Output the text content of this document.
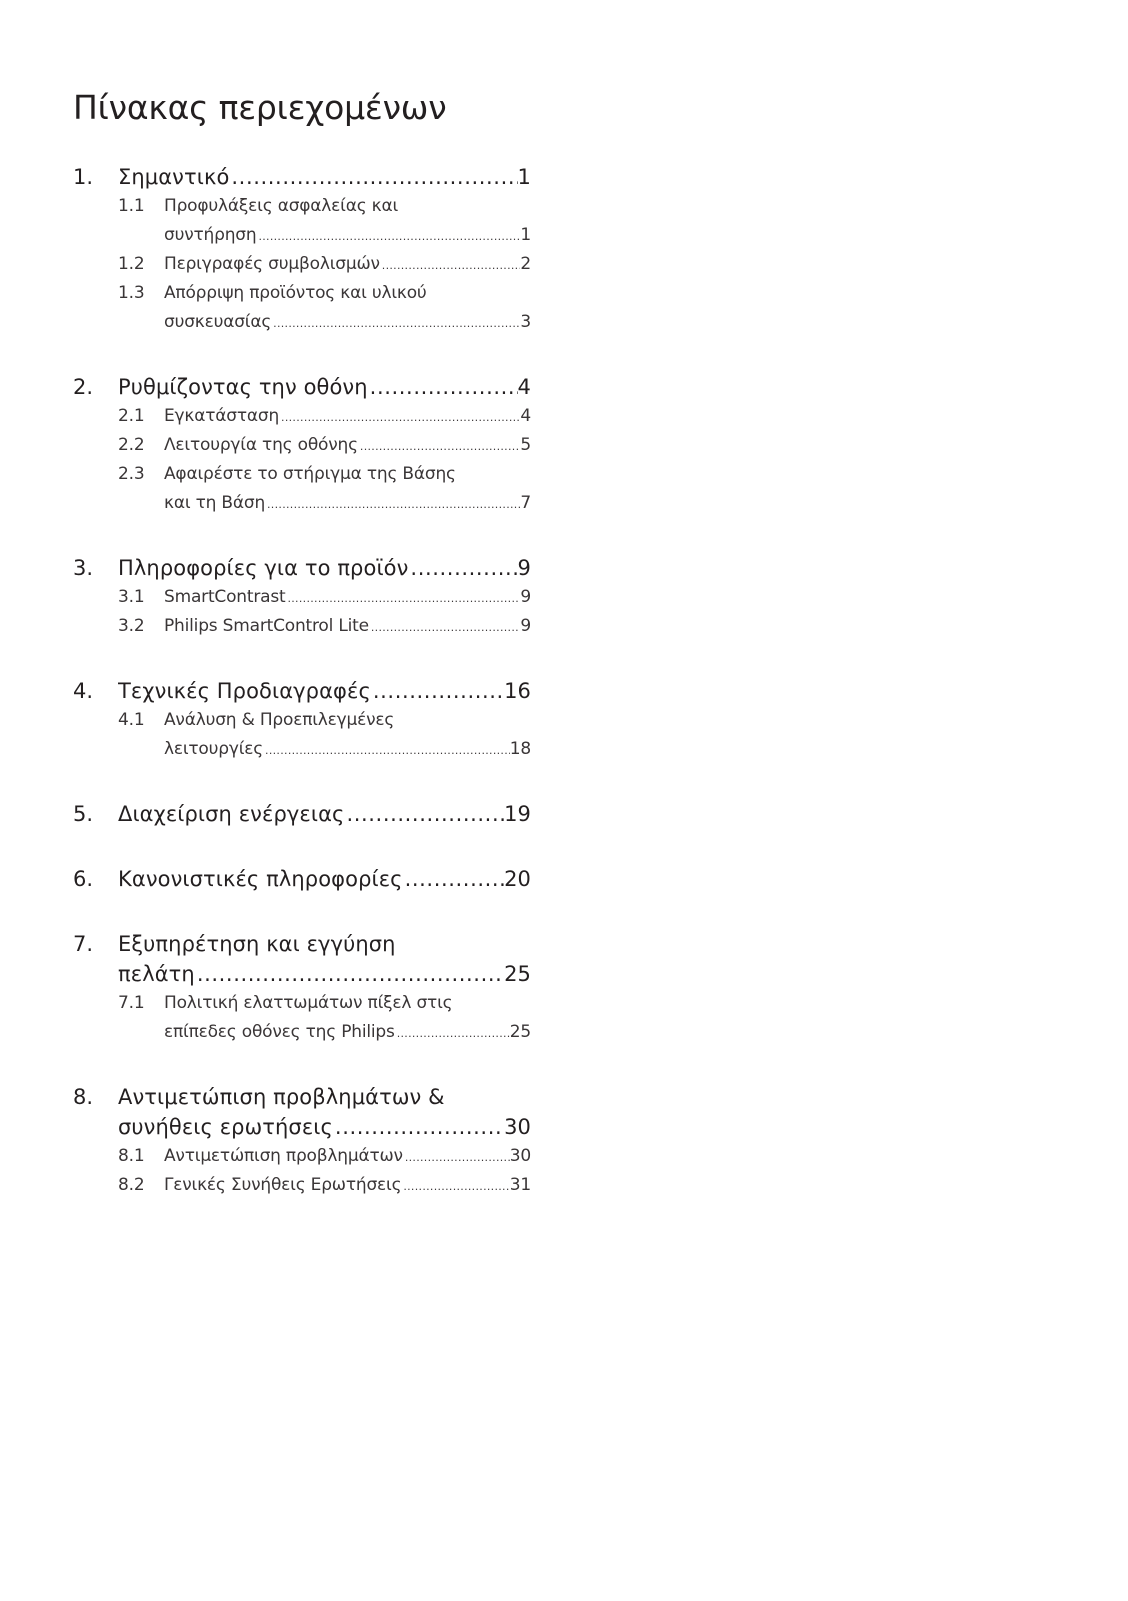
Πίνακας περιεχομένων
1. Σημαντικό .....	1
1.1 Προφυλάξεις ασφαλείας και
συντήρηση .....	1
1.2 Περιγραφές συμβολισμών .....	2
1.3 Απόρριψη προϊόντος και υλικού
συσκευασίας .....	3
2. Ρυθμίζοντας την οθόνη .....	4
2.1 Εγκατάσταση .....	4
2.2 Λειτουργία της οθόνης .....	5
2.3 Αφαιρέστε το στήριγμα της Βάσης
και τη Βάση .....	7
3. Πληροφορίες για το προϊόν .....	9
3.1 SmartContrast .....	9
3.2 Philips SmartControl Lite .....	9
4. Τεχνικές Προδιαγραφές .....	16
4.1 Ανάλυση & Προεπιλεγμένες
λειτουργίες .....	18
5. Διαχείριση ενέργειας .....	19
6. Κανονιστικές πληροφορίες .....	20
7. Εξυπηρέτηση και εγγύηση
πελάτη .....	25
7.1 Πολιτική ελαττωμάτων πίξελ στις
επίπεδες οθόνες της Philips .....	25
8. Αντιμετώπιση προβλημάτων &
συνήθεις ερωτήσεις .....	30
8.1 Αντιμετώπιση προβλημάτων .....	30
8.2 Γενικές Συνήθεις Ερωτήσεις .....	31
